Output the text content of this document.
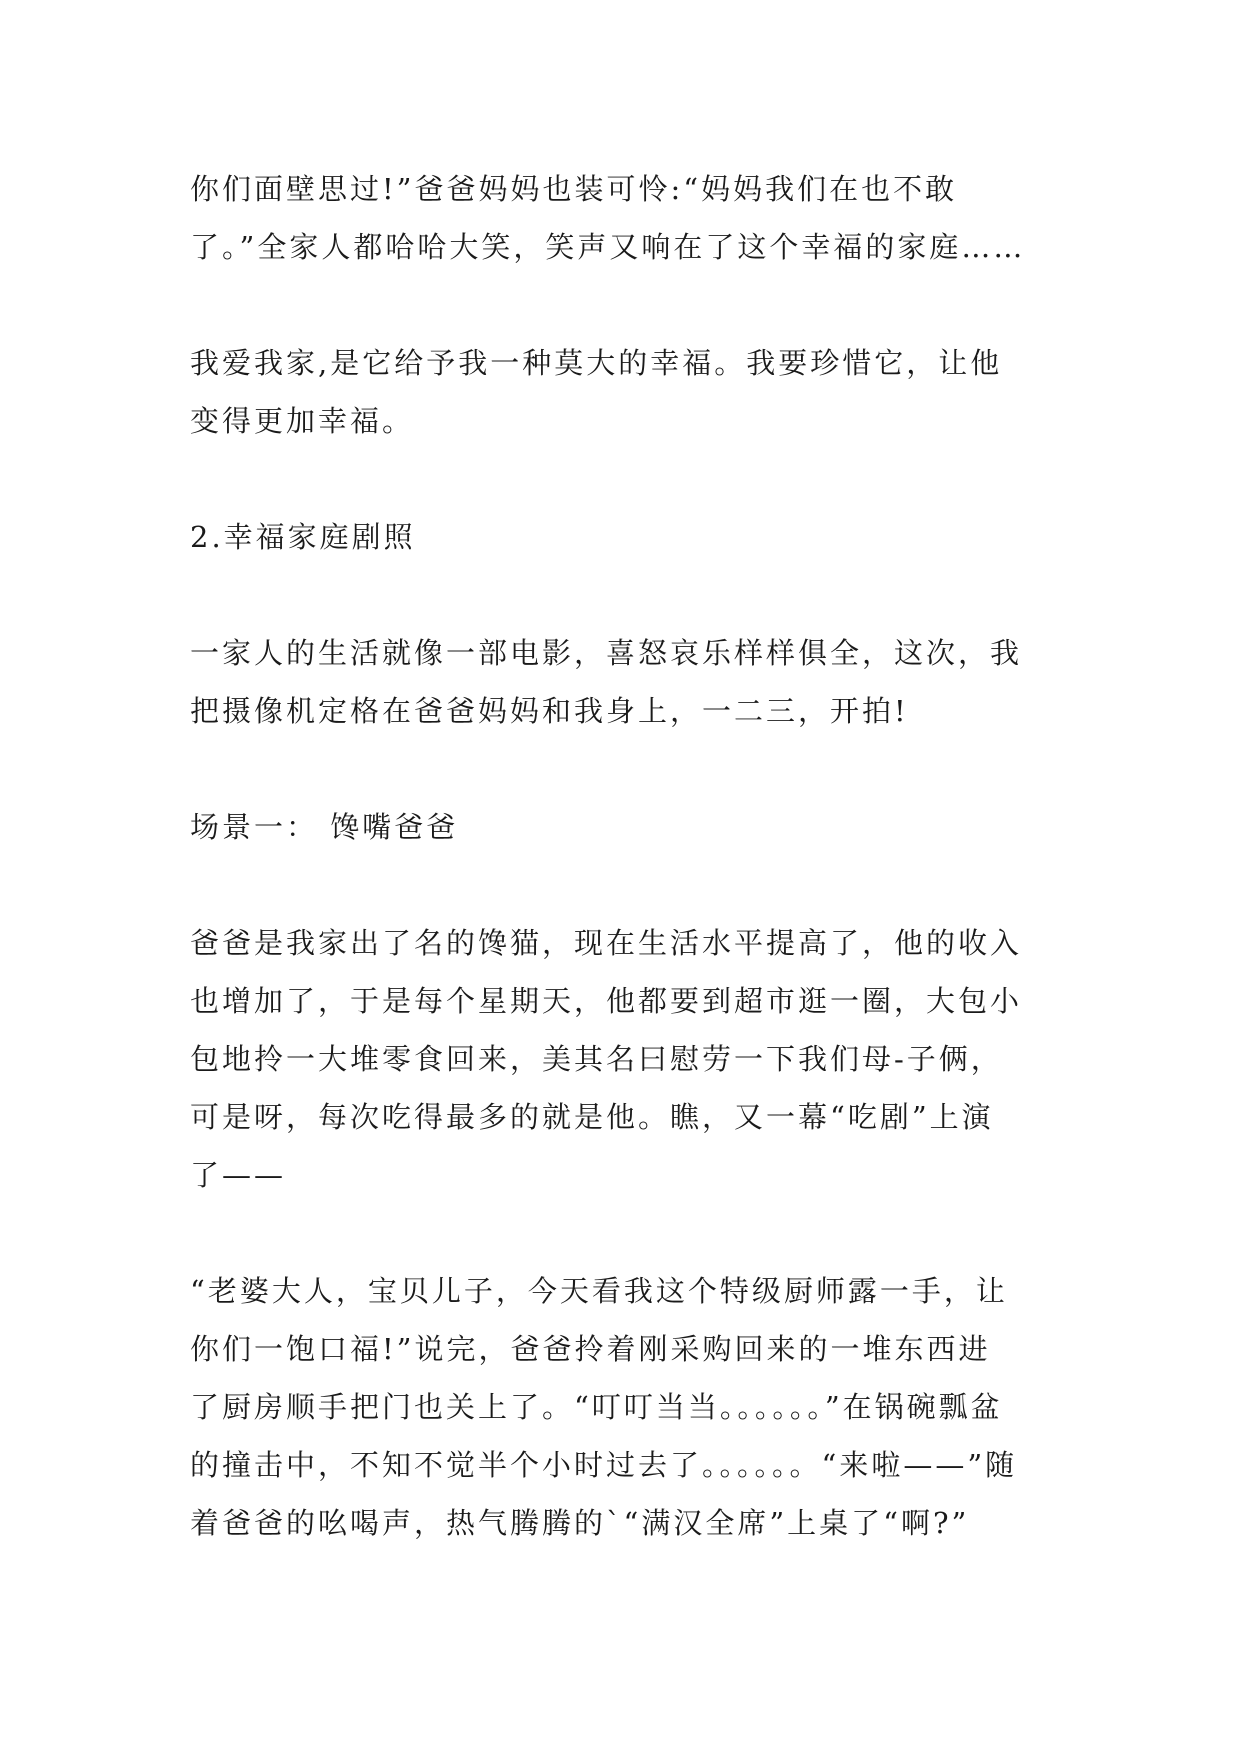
你们面壁思过!”爸爸妈妈也装可怜:“妈妈我们在也不敢
了。”全家人都哈哈大笑，笑声又响在了这个幸福的家庭……

我爱我家,是它给予我一种莫大的幸福。我要珍惜它，让他
变得更加幸福。

2.幸福家庭剧照

一家人的生活就像一部电影，喜怒哀乐样样俱全，这次，我
把摄像机定格在爸爸妈妈和我身上，一二三，开拍!

场景一： 馋嘴爸爸

爸爸是我家出了名的馋猫，现在生活水平提高了，他的收入
也增加了，于是每个星期天，他都要到超市逛一圈，大包小
包地拎一大堆零食回来，美其名曰慰劳一下我们母-子俩，
可是呀，每次吃得最多的就是他。瞧，又一幕“吃剧”上演
了——

“老婆大人，宝贝儿子，今天看我这个特级厨师露一手，让
你们一饱口福!”说完，爸爸拎着刚采购回来的一堆东西进
了厨房顺手把门也关上了。“叮叮当当。。。。。。”在锅碗瓢盆
的撞击中，不知不觉半个小时过去了。。。。。。“来啦——”随
着爸爸的吆喝声，热气腾腾的`“满汉全席”上桌了“啊?”
